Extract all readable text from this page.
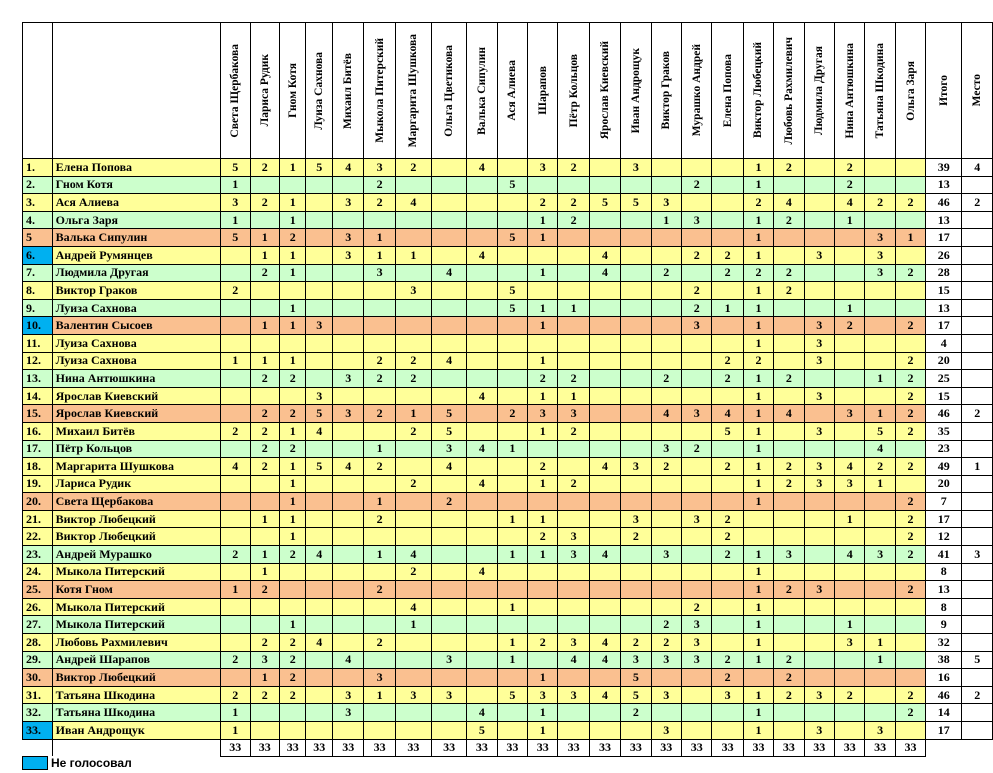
		Света Щербакова	Лариса Рудик	Гном Котя	Луиза Сахнова	Михаил Битёв	Мыкола Питерский	Маргарита Шушкова	Ольга Цветикова	Валька Сипулин	Ася Алиева	Шарапов	Пётр Кольцов	Ярослав Киевский	Иван Андрощук	Виктор Граков	Мурашко Андрей	Елена Попова	Виктор Любецкий	Любовь Рахмилевич	Людмила Другая	Нина Антюшкина	Татьяна Шкодина	Ольга Заря	Итого	Место

1.	Елена Попова	5	2	1	5	4	3	2		4		3	2		3				1	2		2			39	4
2.	Гном Котя	1					2				5						2		1			2			13	
3.	Ася Алиева	3	2	1		3	2	4				2	2	5	5	3			2	4		4	2	2	46	2
4.	Ольга Заря	1		1								1	2			1	3		1	2		1			13	
5	Валька Сипулин	5	1	2		3	1				5	1							1				3	1	17	
6.	Андрей Румянцев		1	1		3	1	1		4				4			2	2	1		3		3		26	
7.	Людмила Другая		2	1			3		4			1		4		2		2	2	2			3	2	28	
8.	Виктор Граков	2						3			5						2		1	2					15	
9.	Луиза Сахнова			1							5	1	1				2	1	1			1			13	
10.	Валентин Сысоев		1	1	3							1					3		1		3	2		2	17	
11.	Луиза Сахнова																		1		3				4	
12.	Луиза Сахнова	1	1	1			2	2	4			1						2	2		3			2	20	
13.	Нина Антюшкина		2	2		3	2	2				2	2			2		2	1	2			1	2	25	
14.	Ярослав Киевский				3					4		1	1						1		3			2	15	
15.	Ярослав Киевский		2	2	5	3	2	1	5		2	3	3			4	3	4	1	4		3	1	2	46	2
16.	Михаил Битёв	2	2	1	4			2	5			1	2					5	1		3		5	2	35	
17.	Пётр Кольцов		2	2			1		3	4	1					3	2		1				4		23	
18.	Маргарита Шушкова	4	2	1	5	4	2		4			2		4	3	2		2	1	2	3	4	2	2	49	1
19.	Лариса Рудик			1				2		4		1	2						1	2	3	3	1		20	
20.	Света Щербакова			1			1		2										1					2	7	
21.	Виктор Любецкий		1	1			2				1	1			3		3	2				1		2	17	
22.	Виктор Любецкий			1								2	3		2			2						2	12	
23.	Андрей Мурашко	2	1	2	4		1	4			1	1	3	4		3		2	1	3		4	3	2	41	3
24.	Мыкола Питерский		1					2		4									1						8	
25.	Котя Гном	1	2				2												1	2	3			2	13	
26.	Мыкола Питерский							4			1						2		1						8	
27.	Мыкола Питерский			1				1								2	3		1			1			9	
28.	Любовь Рахмилевич		2	2	4		2				1	2	3	4	2	2	3		1			3	1		32	
29.	Андрей Шарапов	2	3	2		4			3		1		4	4	3	3	3	2	1	2			1		38	5
30.	Виктор Любецкий		1	2			3					1			5			2		2					16	
31.	Татьяна Шкодина	2	2	2		3	1	3	3		5	3	3	4	5	3		3	1	2	3	2		2	46	2
32.	Татьяна Шкодина	1				3				4		1			2				1					2	14	
33.	Иван Андрощук	1								5		1				3			1		3		3		17	
		33	33	33	33	33	33	33	33	33	33	33	33	33	33	33	33	33	33	33	33	33	33	33		
Не голосовал
